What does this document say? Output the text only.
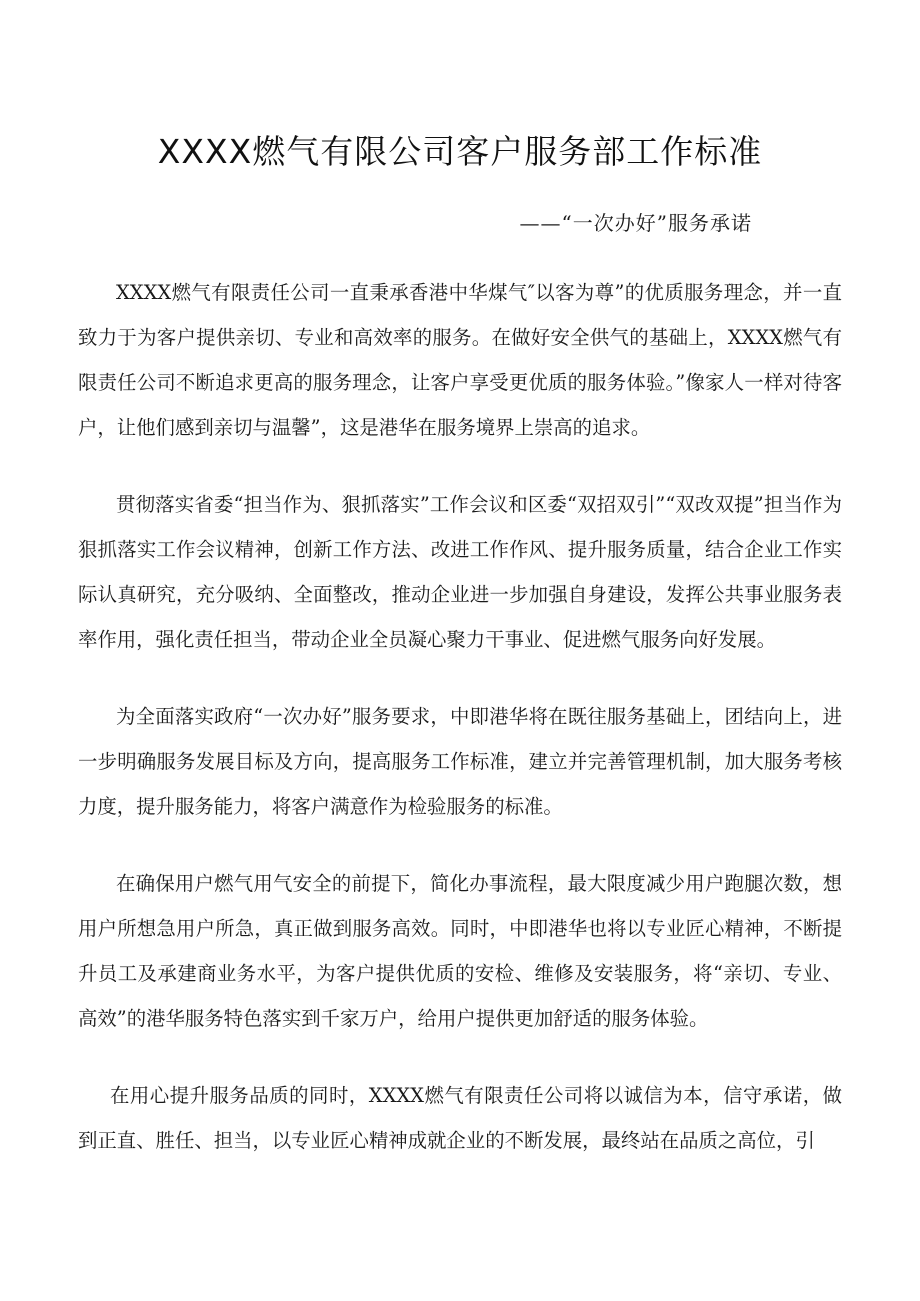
XXXX燃气有限公司客户服务部工作标准
——“一次办好”服务承诺

XXXX燃气有限责任公司一直秉承香港中华煤气″以客为尊”的优质服务理念，并一直致力于为客户提供亲切、专业和高效率的服务。在做好安全供气的基础上，XXXX燃气有限责任公司不断追求更高的服务理念，让客户享受更优质的服务体验。”像家人一样对待客户，让他们感到亲切与温馨”，这是港华在服务境界上崇高的追求。

贯彻落实省委“担当作为、狠抓落实”工作会议和区委“双招双引”“双改双提”担当作为狠抓落实工作会议精神，创新工作方法、改进工作作风、提升服务质量，结合企业工作实际认真研究，充分吸纳、全面整改，推动企业进一步加强自身建设，发挥公共事业服务表率作用，强化责任担当，带动企业全员凝心聚力干事业、促进燃气服务向好发展。

为全面落实政府“一次办好”服务要求，中即港华将在既往服务基础上，团结向上，进一步明确服务发展目标及方向，提高服务工作标准，建立并完善管理机制，加大服务考核力度，提升服务能力，将客户满意作为检验服务的标准。

在确保用户燃气用气安全的前提下，简化办事流程，最大限度减少用户跑腿次数，想用户所想急用户所急，真正做到服务高效。同时，中即港华也将以专业匠心精神，不断提升员工及承建商业务水平，为客户提供优质的安检、维修及安装服务，将“亲切、专业、高效”的港华服务特色落实到千家万户，给用户提供更加舒适的服务体验。

在用心提升服务品质的同时，XXXX燃气有限责任公司将以诚信为本，信守承诺，做到正直、胜任、担当，以专业匠心精神成就企业的不断发展，最终站在品质之高位，引
